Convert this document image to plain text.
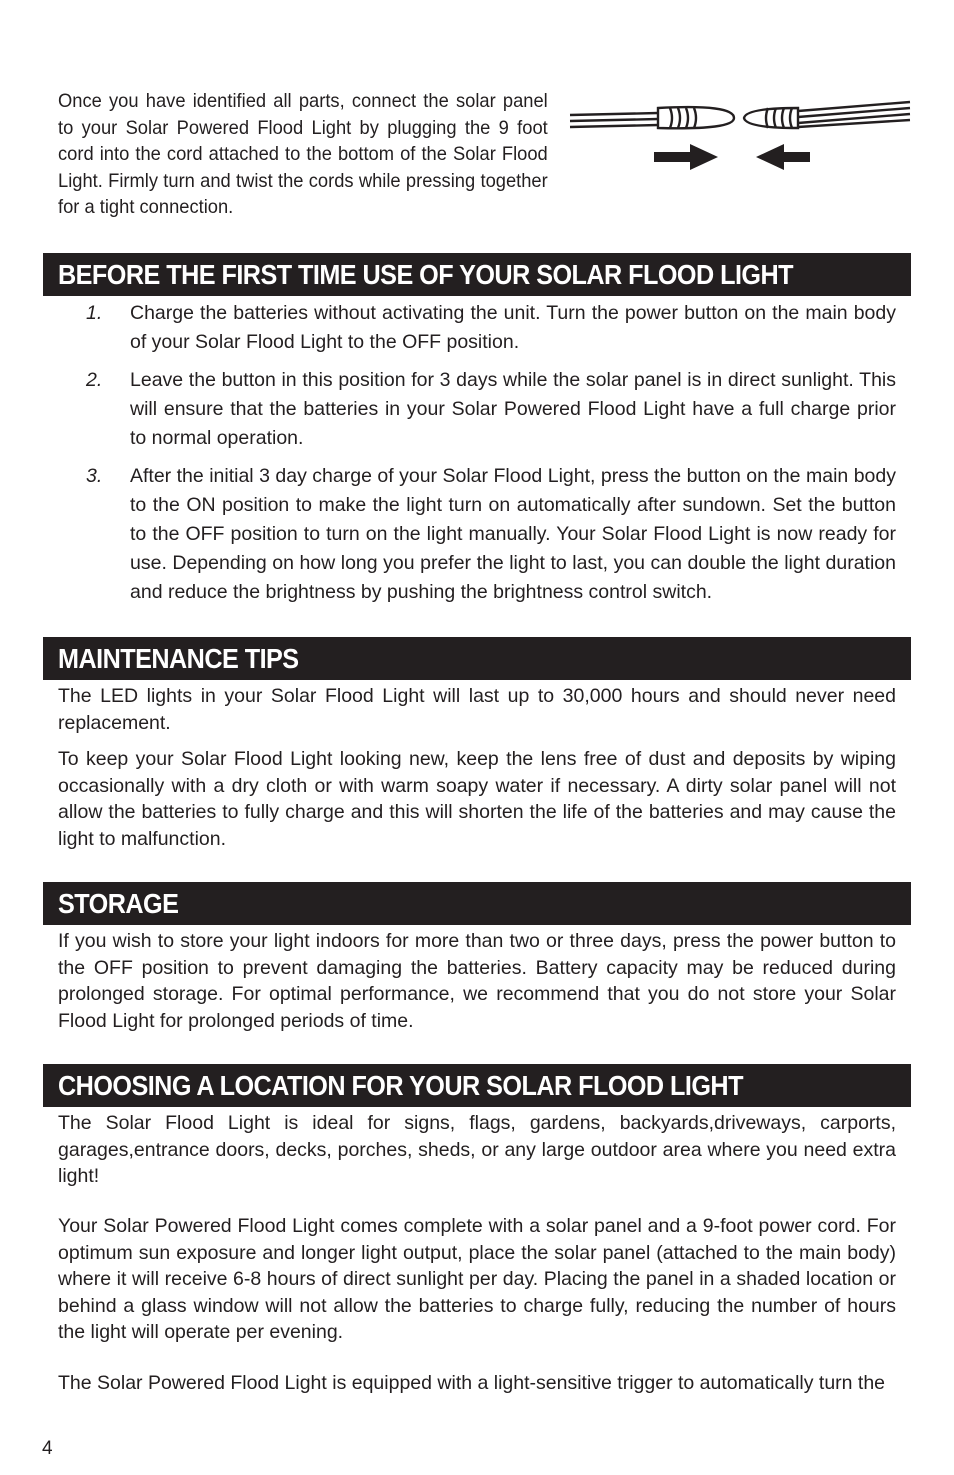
Once you have identified all parts, connect the solar panel to your Solar Powered Flood Light by plugging the 9 foot cord into the cord attached to the bottom of the Solar Flood Light. Firmly turn and twist the cords while pressing together for a tight connection.
BEFORE THE FIRST TIME USE OF YOUR SOLAR FLOOD LIGHT
1. Charge the batteries without activating the unit. Turn the power button on the main body of your Solar Flood Light to the OFF position.
2. Leave the button in this position for 3 days while the solar panel is in direct sunlight. This will ensure that the batteries in your Solar Powered Flood Light have a full charge prior to normal operation.
3. After the initial 3 day charge of your Solar Flood Light, press the button on the main body to the ON position to make the light turn on automatically after sundown. Set the button to the OFF position to turn on the light manually. Your Solar Flood Light is now ready for use. Depending on how long you prefer the light to last, you can double the light duration and reduce the brightness by pushing the brightness control switch.
MAINTENANCE TIPS
The LED lights in your Solar Flood Light will last up to 30,000 hours and should never need replacement.
To keep your Solar Flood Light looking new, keep the lens free of dust and deposits by wiping occasionally with a dry cloth or with warm soapy water if necessary. A dirty solar panel will not allow the batteries to fully charge and this will shorten the life of the batteries and may cause the light to malfunction.
STORAGE
If you wish to store your light indoors for more than two or three days, press the power button to the OFF position to prevent damaging the batteries. Battery capacity may be reduced during prolonged storage. For optimal performance, we recommend that you do not store your Solar Flood Light for prolonged periods of time.
CHOOSING A LOCATION FOR YOUR SOLAR FLOOD LIGHT
The Solar Flood Light is ideal for signs, flags, gardens, backyards,driveways, carports, garages,entrance doors, decks, porches, sheds, or any large outdoor area where you need extra light!
Your Solar Powered Flood Light comes complete with a solar panel and a 9-foot power cord. For optimum sun exposure and longer light output, place the solar panel (attached to the main body) where it will receive 6-8 hours of direct sunlight per day. Placing the panel in a shaded location or behind a glass window will not allow the batteries to charge fully, reducing the number of hours the light will operate per evening.
The Solar Powered Flood Light is equipped with a light-sensitive trigger to automatically turn the
4
